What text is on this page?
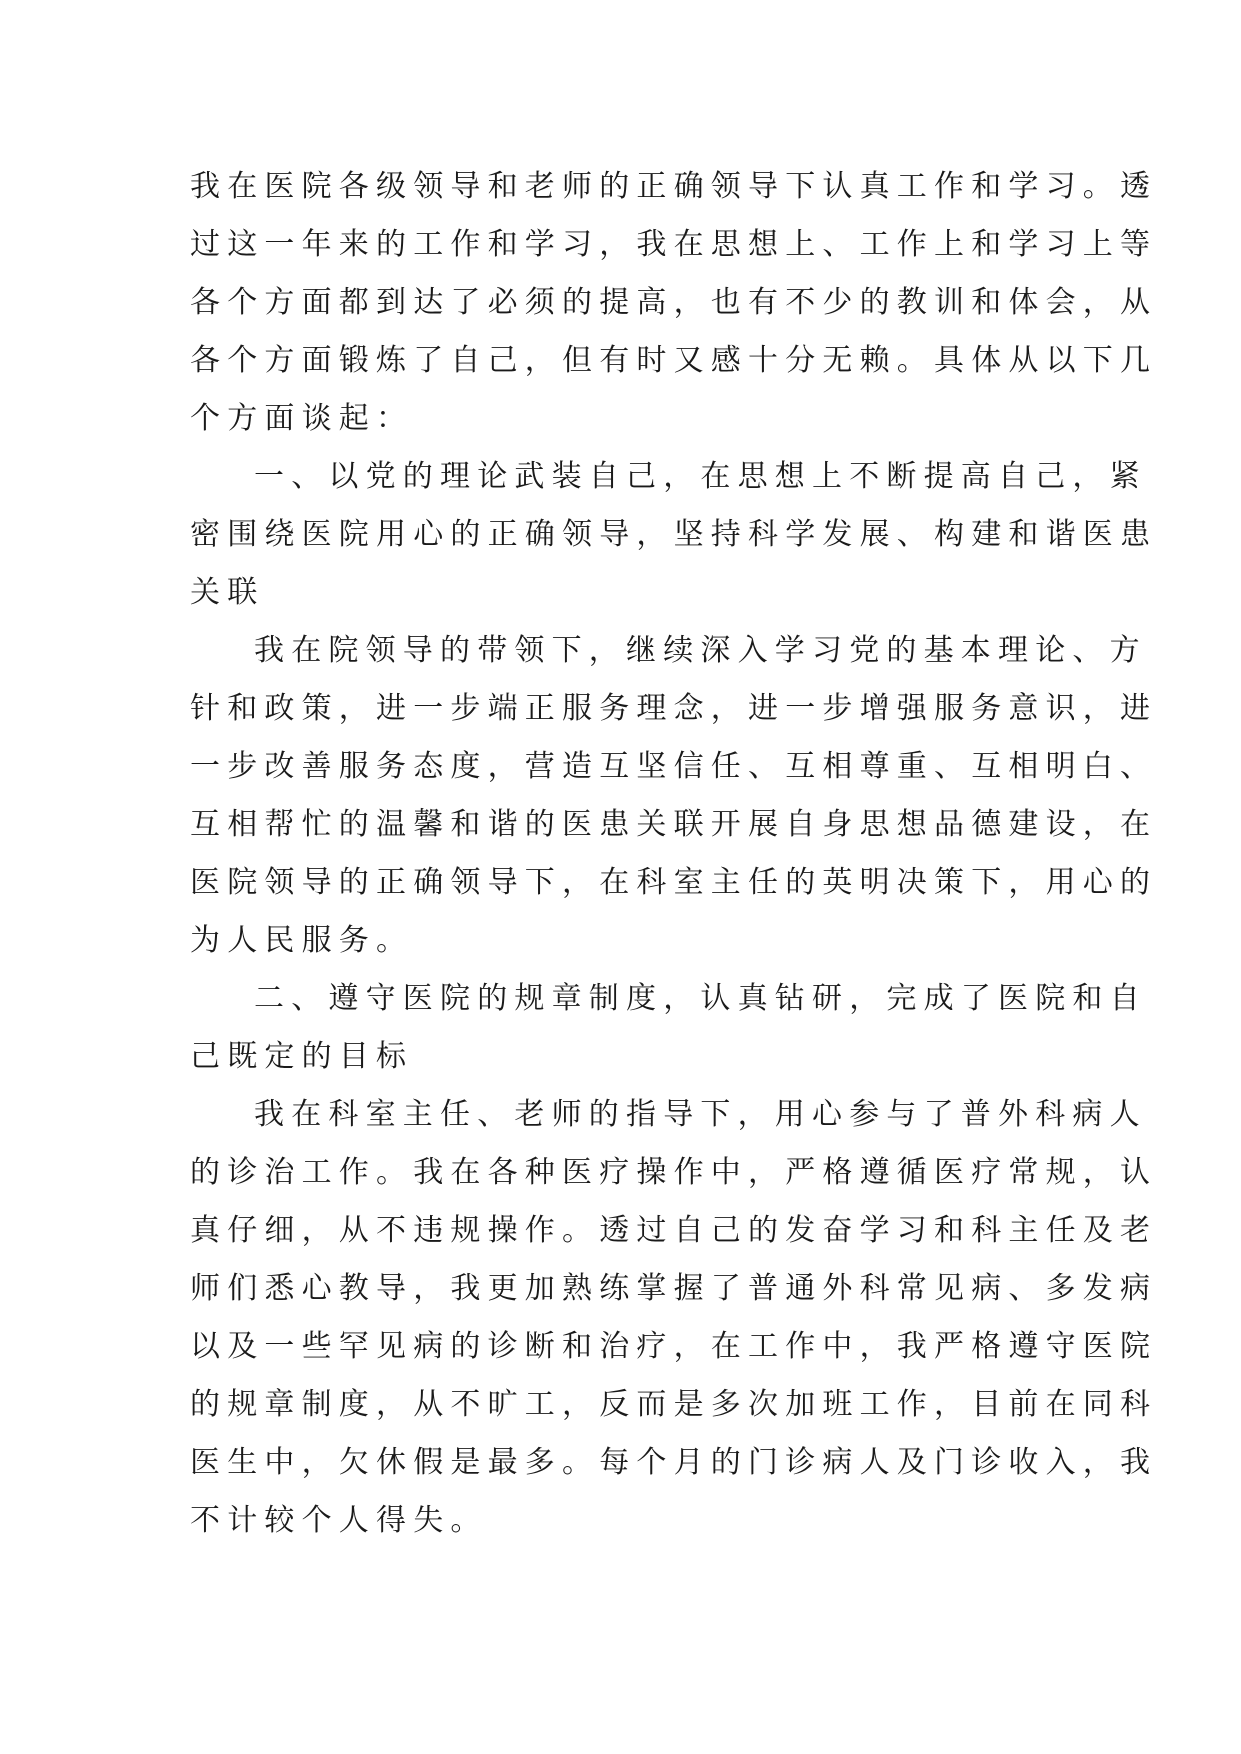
我在医院各级领导和老师的正确领导下认真工作和学习。透
过这一年来的工作和学习，我在思想上、工作上和学习上等
各个方面都到达了必须的提高，也有不少的教训和体会，从
各个方面锻炼了自己，但有时又感十分无赖。具体从以下几
个方面谈起：
一、以党的理论武装自己，在思想上不断提高自己，紧
密围绕医院用心的正确领导，坚持科学发展、构建和谐医患
关联
我在院领导的带领下，继续深入学习党的基本理论、方
针和政策，进一步端正服务理念，进一步增强服务意识，进
一步改善服务态度，营造互坚信任、互相尊重、互相明白、
互相帮忙的温馨和谐的医患关联开展自身思想品德建设，在
医院领导的正确领导下，在科室主任的英明决策下，用心的
为人民服务。
二、遵守医院的规章制度，认真钻研，完成了医院和自
己既定的目标
我在科室主任、老师的指导下，用心参与了普外科病人
的诊治工作。我在各种医疗操作中，严格遵循医疗常规，认
真仔细，从不违规操作。透过自己的发奋学习和科主任及老
师们悉心教导，我更加熟练掌握了普通外科常见病、多发病
以及一些罕见病的诊断和治疗，在工作中，我严格遵守医院
的规章制度，从不旷工，反而是多次加班工作，目前在同科
医生中，欠休假是最多。每个月的门诊病人及门诊收入，我
不计较个人得失。
